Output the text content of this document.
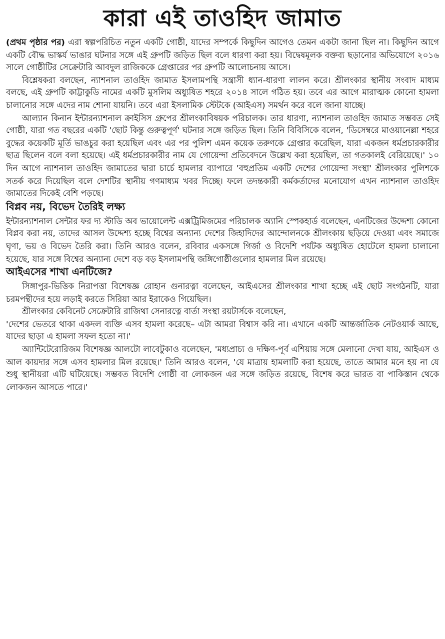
কারা এই তাওহিদ জামাত

(প্রথম পৃষ্ঠার পর) এরা স্বল্পপরিচিত নতুন একটি গোষ্ঠী, যাদের সম্পর্কে কিছুদিন আগেও তেমন একটা জানা ছিল না। কিছুদিন আগে একটি বৌদ্ধ ভাস্কর্য ভাঙার ঘটনার সঙ্গে এই গ্রুপটি জড়িত ছিল বলে ধারণা করা হয়। বিদ্বেষমূলক বক্তব্য ছড়ানোর অভিযোগে ২০১৬ সালে গোষ্ঠীটির সেক্রেটারি আবদুল রাজিককে গ্রেপ্তারের পর গ্রুপটি আলোচনায় আসে।

বিশ্লেষকরা বলছেন, ন্যাশনাল তাওহিদ জামাত ইসলামপন্থি সন্ত্রাসী ধ্যান-ধারণা লালন করে। শ্রীলংকার স্থানীয় সংবাদ মাধ্যম বলছে, এই গ্রুপটি কাট্টাকুডি নামের একটি মুসলিম অধ্যুষিত শহরে ২০১৪ সালে গঠিত হয়। তবে এর আগে মারাত্মক কোনো হামলা চালানোর সঙ্গে এদের নাম শোনা যায়নি। তবে এরা ইসলামিক স্টেটকে (আইএস) সমর্থন করে বলে জানা যাচ্ছে।

আল্যান কিনান ইন্টারন্যাশনাল ক্রাইসিস গ্রুপের শ্রীলংকাবিষয়ক পরিচালক। তার ধারণা, ন্যাশনাল তাওহিদ জামাত সম্ভবত সেই গোষ্ঠী, যারা গত বছরের একটি 'ছোট কিন্তু গুরুত্বপূর্ণ' ঘটনার সঙ্গে জড়িত ছিল। তিনি বিবিসিকে বলেন, 'ডিসেম্বরে মাওয়ানেল্লা শহরে বুদ্ধের কয়েকটি মূর্তি ভাঙচুর করা হয়েছিল এবং এর পর পুলিশ এমন কয়েক তরুণকে গ্রেপ্তার করেছিল, যারা একজন ধর্মপ্রচারকারীর ছাত্র ছিলেন বলে বলা হয়েছে। এই ধর্মপ্রচারকারীর নাম যে গোয়েন্দা প্রতিবেদনে উল্লেখ করা হয়েছিল, তা গতকালই বেরিয়েছে।' ১০ দিন আগে ন্যাশনাল তাওহিদ জামাতের দ্বারা চার্চে হামলার ব্যাপারে 'বহুপ্রতিম একটি দেশের গোয়েন্দা সংস্থা' শ্রীলংকার পুলিশকে সতর্ক করে দিয়েছিল বলে দেশটির স্থানীয় গণমাধ্যম খবর দিচ্ছে। ফলে তদন্তকারী কর্মকর্তাদের মনোযোগ এখন ন্যাশনাল তাওহিদ জামাতের দিকেই বেশি পড়ছে।

বিপ্লব নয়, বিভেদ তৈরিই লক্ষ্য

ইন্টারন্যাশনাল সেন্টার ফর দ্য স্টাডি অব ভায়োলেন্ট এক্সট্রিমিজমের পরিচালক অ্যানি স্পেকহার্ড বলেছেন, এনটিজের উদ্দেশ্য কোনো বিপ্লব করা নয়, তাদের আসল উদ্দেশ্য হচ্ছে বিশ্বের অন্যান্য দেশের জিহাদিদের আন্দোলনকে শ্রীলংকায় ছড়িয়ে দেওয়া এবং সমাজে ঘৃণা, ভয় ও বিভেদ তৈরি করা। তিনি আরও বলেন, রবিবার একসঙ্গে গির্জা ও বিদেশি পর্যটক অধ্যুষিত হোটেলে হামলা চালানো হয়েছে, যার সঙ্গে বিশ্বের অন্যান্য দেশে বড় বড় ইসলামপন্থি জঙ্গিগোষ্ঠীগুলোর হামলার মিল রয়েছে।

আইএসের শাখা এনটিজে?

সিঙ্গাপুর-ভিত্তিক নিরাপত্তা বিশেষজ্ঞ রোহান গুনারত্না বলেছেন, আইএসের শ্রীলংকার শাখা হচ্ছে এই ছোট সংগঠনটি, যারা চরমপন্থীদের হয়ে লড়াই করতে সিরিয়া আর ইরাকেও গিয়েছিল।

শ্রীলংকার কেবিনেট সেক্রেটারি রাজিথা সেনারত্নে বার্তা সংস্থা রয়টার্সকে বলেছেন,

'দেশের ভেতরে থাকা একদল ব্যক্তি এসব হামলা করেছে– এটা আমরা বিশ্বাস করি না। এখানে একটি আন্তর্জাতিক নেটওয়ার্ক আছে, যাদের ছাড়া এ হামলা সফল হতো না।'

অ্যান্টিটেরোরিজম বিশেষজ্ঞ আলটো লাবেটুকাও বলেছেন, 'মধ্যপ্রাচ্য ও দক্ষিণ-পূর্ব এশিয়ায় সঙ্গে মেলানো দেখা যায়, আইএস ও আল কায়দার সঙ্গে এসব হামলার মিল রয়েছে।' তিনি আরও বলেন, 'যে মাত্রায় হামলাটি করা হয়েছে, তাতে আমার মনে হয় না যে শুধু স্থানীয়রা এটি ঘটিয়েছে। সম্ভবত বিদেশি গোষ্ঠী বা লোকজন এর সঙ্গে জড়িত রয়েছে, বিশেষ করে ভারত বা পাকিস্তান থেকে লোকজন আসতে পারে।'
